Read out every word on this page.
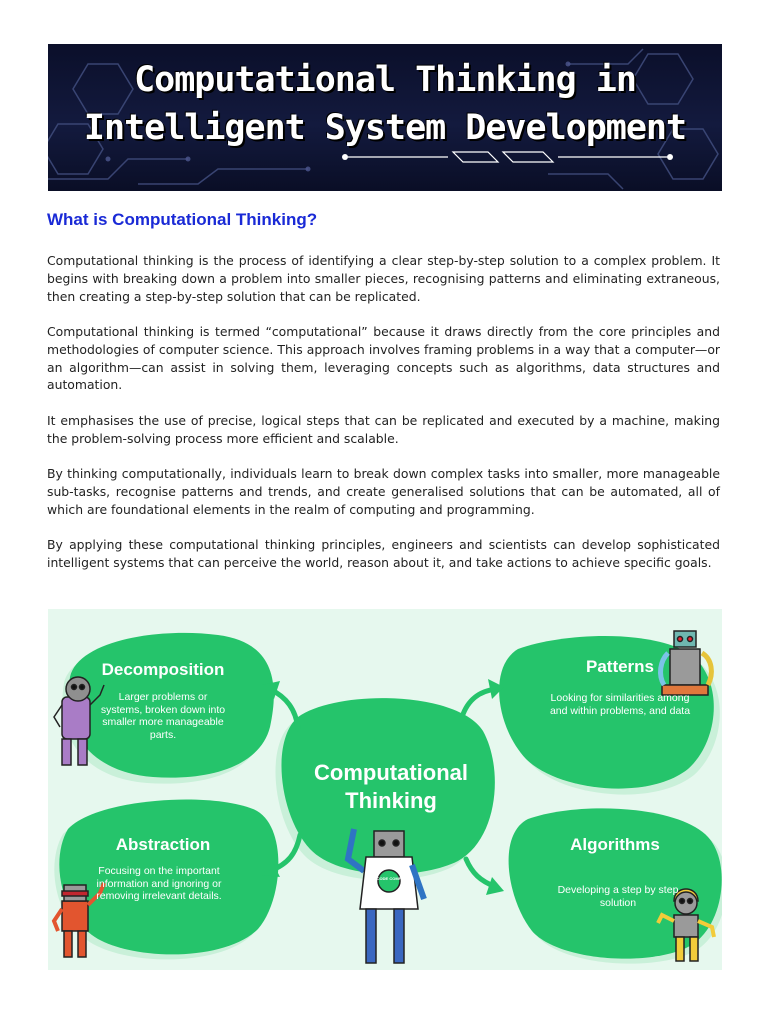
Computational Thinking in
Intelligent System Development
What is Computational Thinking?

Computational thinking is the process of identifying a clear step-by-step solution to a complex problem. It begins with breaking down a problem into smaller pieces, recognising patterns and eliminating extraneous, then creating a step-by-step solution that can be replicated.

Computational thinking is termed “computational” because it draws directly from the core principles and methodologies of computer science. This approach involves framing problems in a way that a computer—or an algorithm—can assist in solving them, leveraging concepts such as algorithms, data structures and automation.

It emphasises the use of precise, logical steps that can be replicated and executed by a machine, making the problem-solving process more efficient and scalable.

By thinking computationally, individuals learn to break down complex tasks into smaller, more manageable sub-tasks, recognise patterns and trends, and create generalised solutions that can be automated, all of which are foundational elements in the realm of computing and programming.

By applying these computational thinking principles, engineers and scientists can develop sophisticated intelligent systems that can perceive the world, reason about it, and take actions to achieve specific goals.

Computational
Thinking
CODE COMP
Decomposition
Larger problems or systems, broken down into smaller more manageable parts.
Patterns
Looking for similarities among and within problems, and data
Abstraction
Focusing on the important information and ignoring or removing irrelevant details.
Algorithms
Developing a step by step solution
